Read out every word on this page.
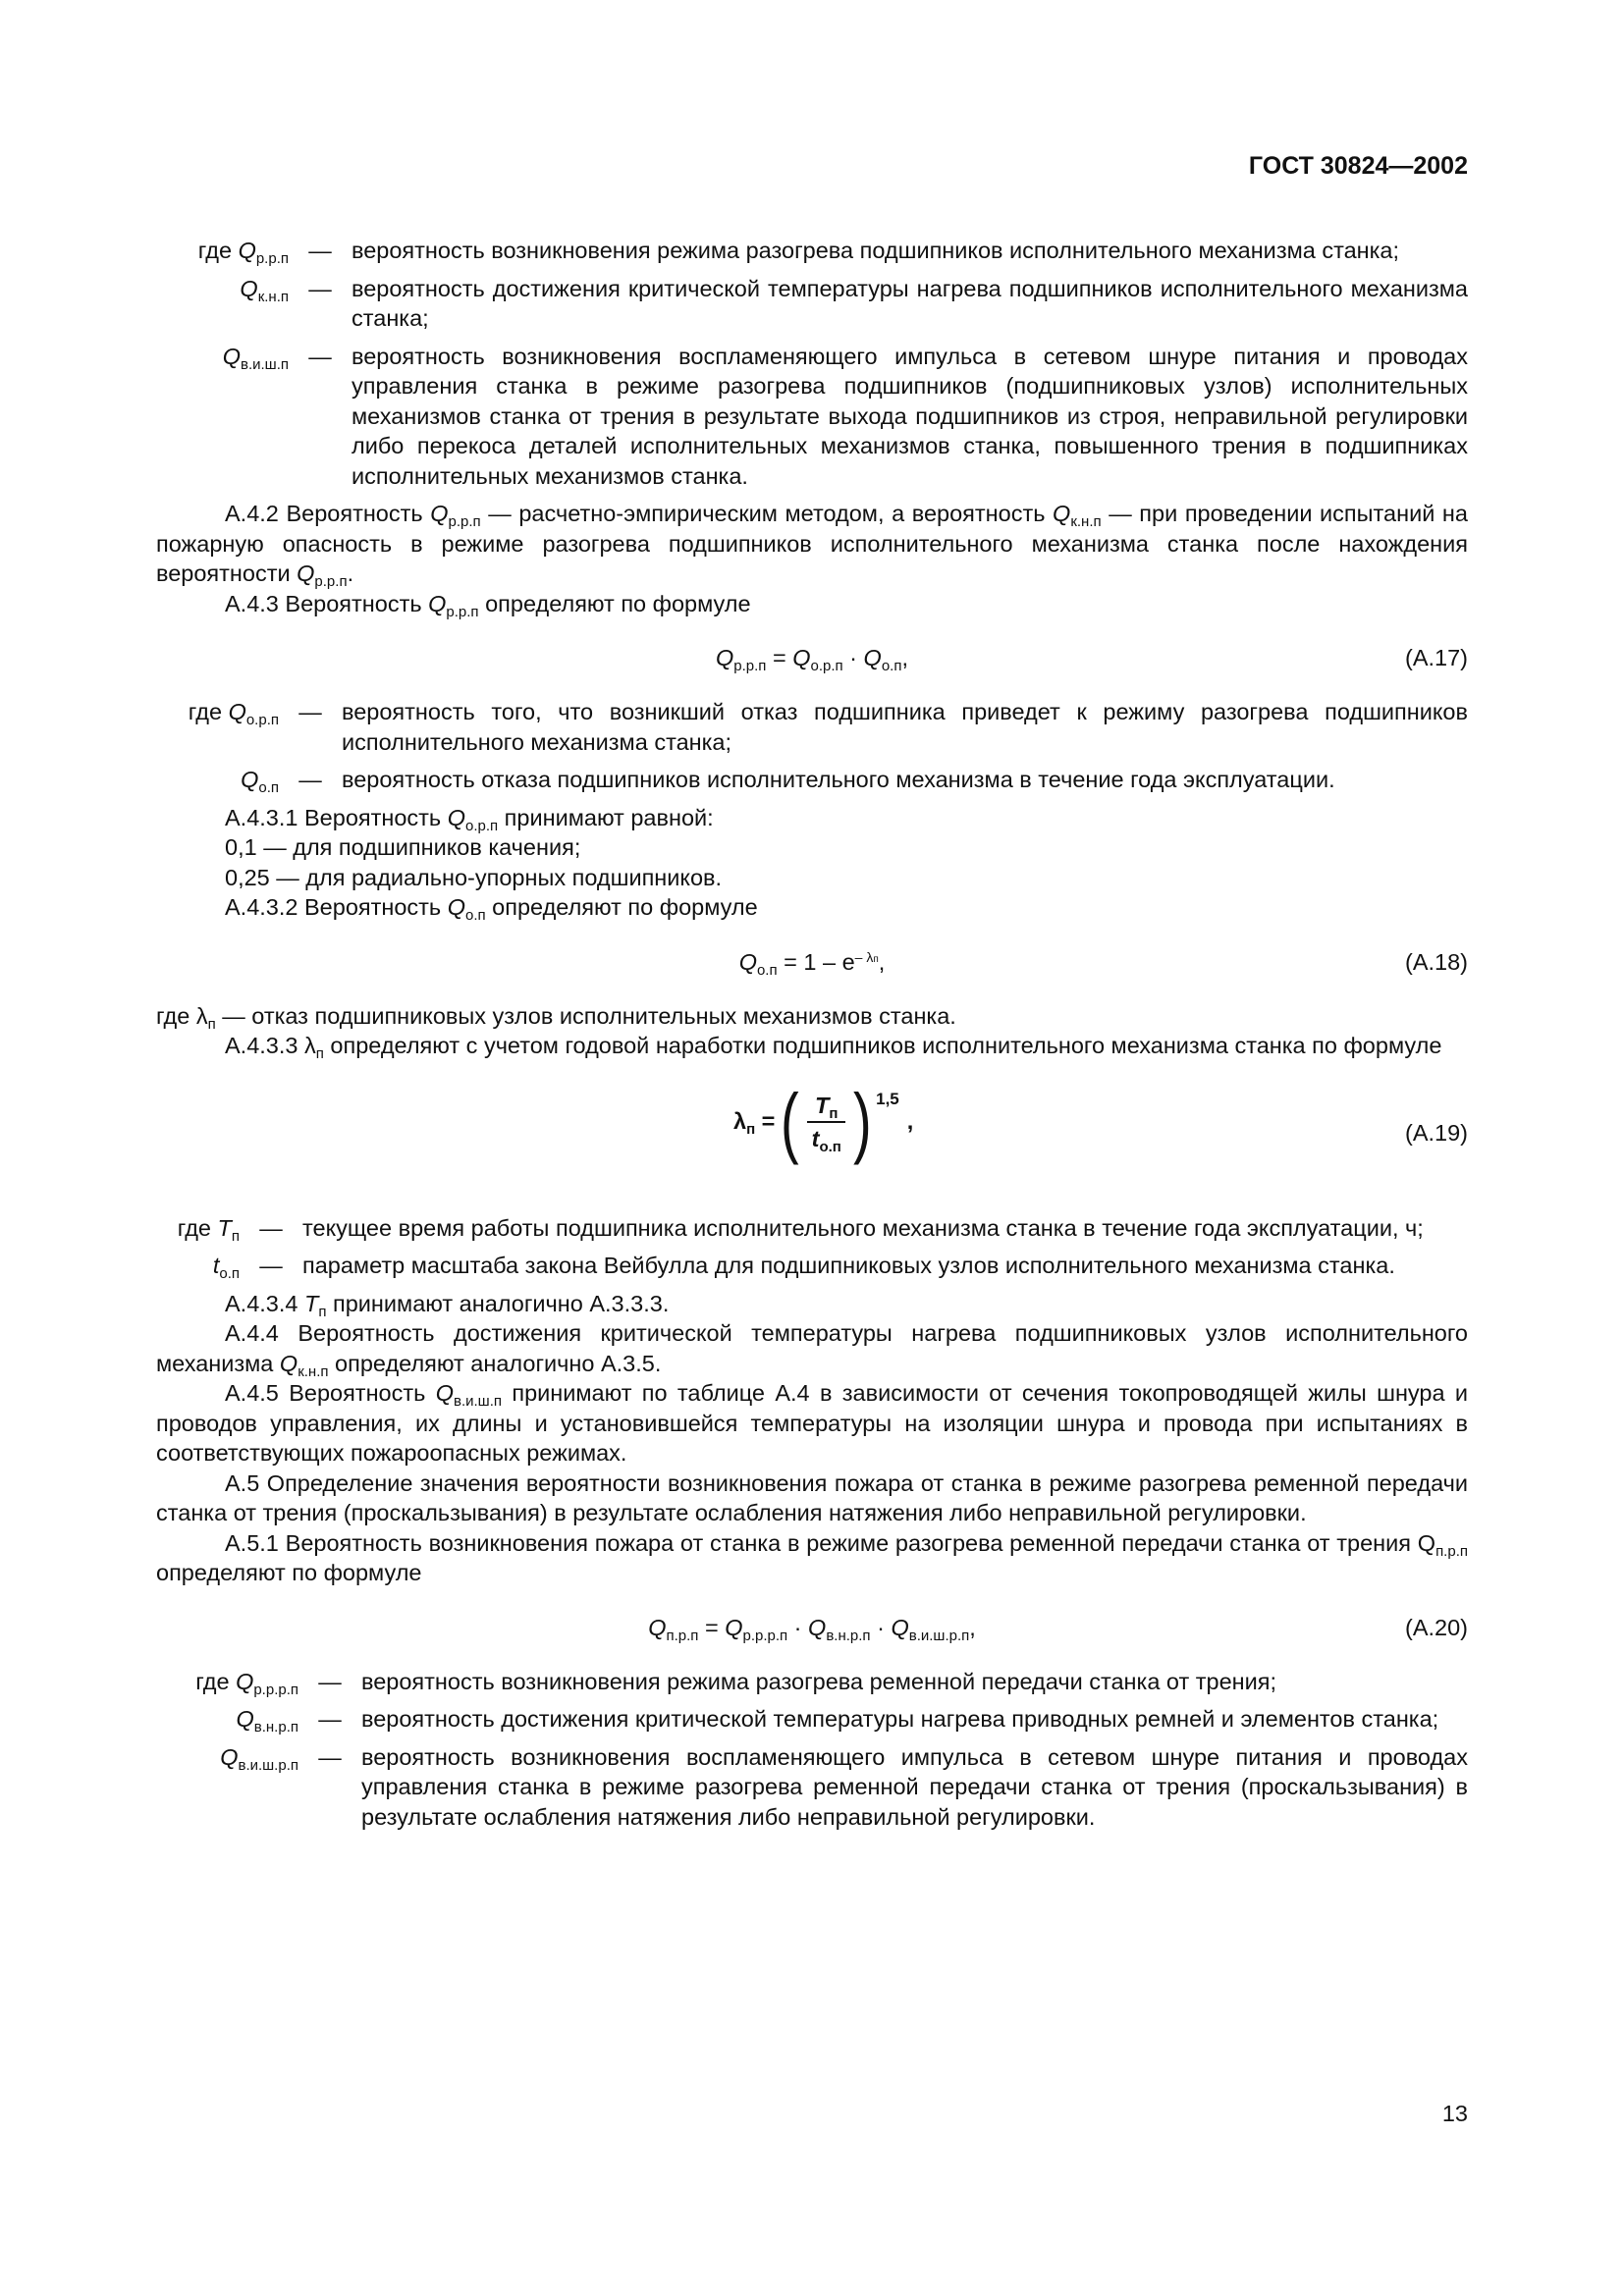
ГОСТ 30824—2002
где $Q_{р.р.п}$ — вероятность возникновения режима разогрева подшипников исполнительного механизма станка;
$Q_{к.н.п}$ — вероятность достижения критической температуры нагрева подшипников исполнительного механизма станка;
$Q_{в.и.ш.п}$ — вероятность возникновения воспламеняющего импульса в сетевом шнуре питания и проводах управления станка в режиме разогрева подшипников (подшипниковых узлов) исполнительных механизмов станка от трения в результате выхода подшипников из строя, неправильной регулировки либо перекоса деталей исполнительных механизмов станка, повышенного трения в подшипниках исполнительных механизмов станка.

А.4.2 Вероятность $Q_{р.р.п}$ — расчетно-эмпирическим методом, а вероятность $Q_{к.н.п}$ — при проведении испытаний на пожарную опасность в режиме разогрева подшипников исполнительного механизма станка после нахождения вероятности $Q_{р.р.п}$.

А.4.3 Вероятность $Q_{р.р.п}$ определяют по формуле

$Q_{р.р.п} = Q_{о.р.п} \cdot Q_{о.п}$,	(А.17)
где $Q_{о.р.п}$ — вероятность того, что возникший отказ подшипника приведет к режиму разогрева подшипников исполнительного механизма станка;
$Q_{о.п}$ — вероятность отказа подшипников исполнительного механизма в течение года эксплуатации.

А.4.3.1 Вероятность $Q_{о.р.п}$ принимают равной:

0,1 — для подшипников качения;

0,25 — для радиально-упорных подшипников.

А.4.3.2 Вероятность $Q_{о.п}$ определяют по формуле

$Q_{о.п} = 1 - e^{- \lambda п}$,	(А.18)

где $\lambda_п$ — отказ подшипниковых узлов исполнительных механизмов станка.

А.4.3.3 $\lambda_п$ определяют с учетом годовой наработки подшипников исполнительного механизма станка по формуле

$\lambda_п$ = ( $\frac{T_п}{t_{о.п}}$ ) 1,5
,	(А.19)
где $T_п$ — текущее время работы подшипника исполнительного механизма станка в течение года эксплуатации, ч;
$t_{о.п}$ — параметр масштаба закона Вейбулла для подшипниковых узлов исполнительного механизма станка.

А.4.3.4 $T_п$ принимают аналогично А.3.3.3.

А.4.4 Вероятность достижения критической температуры нагрева подшипниковых узлов исполнительного механизма $Q_{к.н.п}$ определяют аналогично А.3.5.

А.4.5 Вероятность $Q_{в.и.ш.п}$ принимают по таблице А.4 в зависимости от сечения токопроводящей жилы шнура и проводов управления, их длины и установившейся температуры на изоляции шнура и провода при испытаниях в соответствующих пожароопасных режимах.

А.5 Определение значения вероятности возникновения пожара от станка в режиме разогрева ременной передачи станка от трения (проскальзывания) в результате ослабления натяжения либо неправильной регулировки.

А.5.1 Вероятность возникновения пожара от станка в режиме разогрева ременной передачи станка от трения $Q_{п.р.п}$ определяют по формуле

$Q_{п.р.п} = Q_{р.р.р.п} \cdot Q_{в.н.р.п} \cdot Q_{в.и.ш.р.п}$,	(А.20)
где $Q_{р.р.р.п}$ — вероятность возникновения режима разогрева ременной передачи станка от трения;
$Q_{в.н.р.п}$ — вероятность достижения критической температуры нагрева приводных ремней и элементов станка;
$Q_{в.и.ш.р.п}$ — вероятность возникновения воспламеняющего импульса в сетевом шнуре питания и проводах управления станка в режиме разогрева ременной передачи станка от трения (проскальзывания) в результате ослабления натяжения либо неправильной регулировки.
13
